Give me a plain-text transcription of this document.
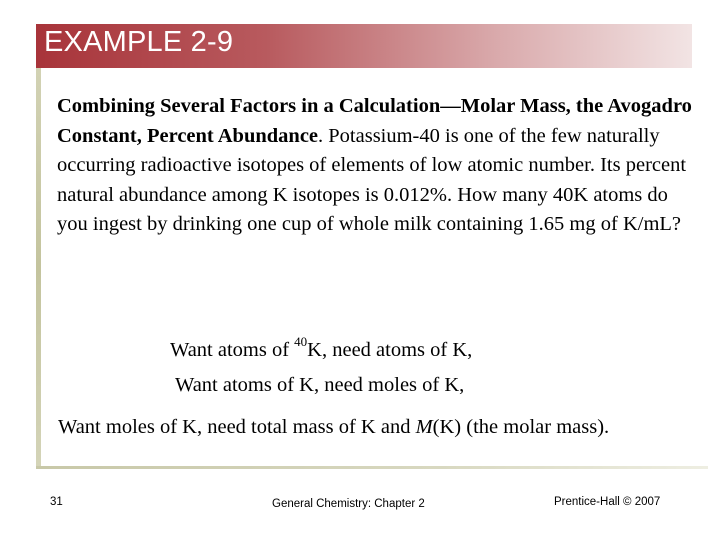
EXAMPLE 2-9
Combining Several Factors in a Calculation—Molar Mass, the Avogadro Constant, Percent Abundance. Potassium-40 is one of the few naturally occurring radioactive isotopes of elements of low atomic number. Its percent natural abundance among K isotopes is 0.012%. How many 40K atoms do you ingest by drinking one cup of whole milk containing 1.65 mg of K/mL?
Want atoms of $^{40}$K, need atoms of K,
Want atoms of K, need moles of K,
Want moles of K, need total mass of K and M(K) (the molar mass).
31	General Chemistry: Chapter 2	Prentice-Hall © 2007
